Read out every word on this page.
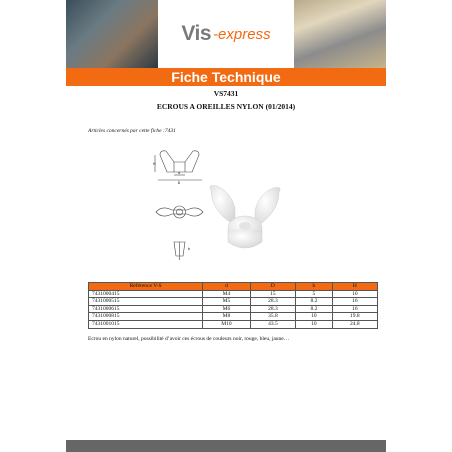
Vis -express
Fiche Technique
VS7431
ECROUS A OREILLES NYLON (01/2014)
Articles concernés par cette fiche :7431
d
H
D
b
Référence V-S	d	D	b	H
7431000415	M4	15	5	10
7431000515	M5	28.3	8.2	16
7431000615	M6	28.3	8.2	16
7431000815	M8	35.8	10	19.8
7431001015	M10	43.5	10	24.8
Ecrou en nylon naturel, possibilité d’avoir ces écrous de couleurs noir, rouge, bleu, jaune…
